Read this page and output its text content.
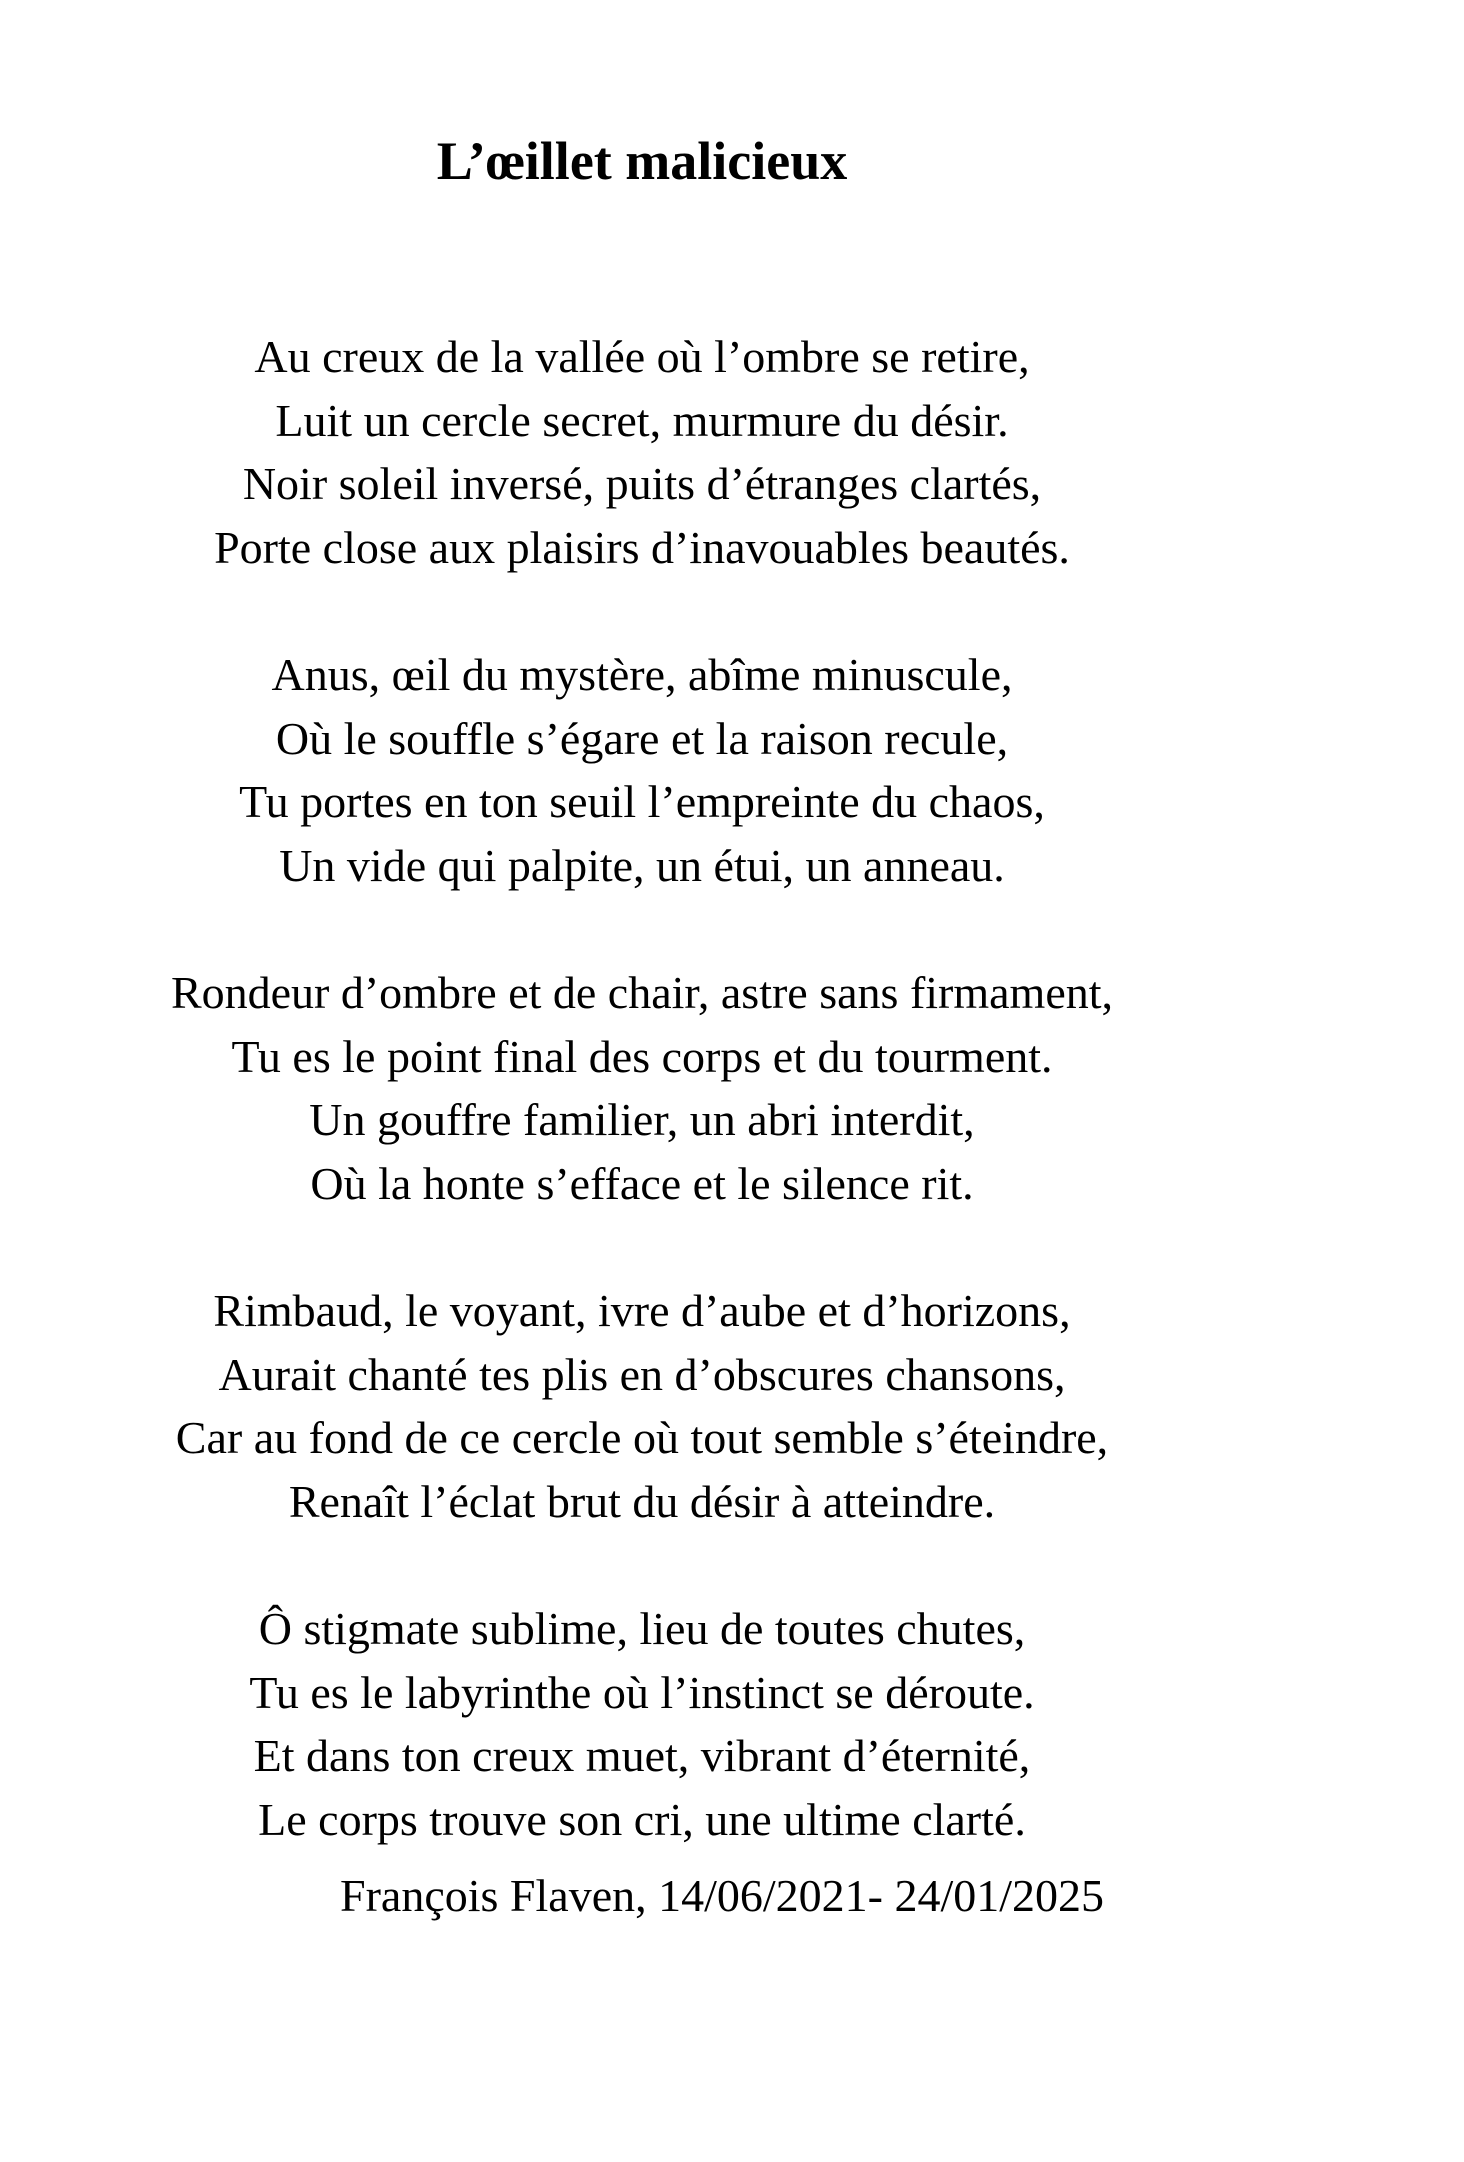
L’œillet malicieux
Au creux de la vallée où l’ombre se retire,
Luit un cercle secret, murmure du désir.
Noir soleil inversé, puits d’étranges clartés,
Porte close aux plaisirs d’inavouables beautés.
Anus, œil du mystère, abîme minuscule,
Où le souffle s’égare et la raison recule,
Tu portes en ton seuil l’empreinte du chaos,
Un vide qui palpite, un étui, un anneau.
Rondeur d’ombre et de chair, astre sans firmament,
Tu es le point final des corps et du tourment.
Un gouffre familier, un abri interdit,
Où la honte s’efface et le silence rit.
Rimbaud, le voyant, ivre d’aube et d’horizons,
Aurait chanté tes plis en d’obscures chansons,
Car au fond de ce cercle où tout semble s’éteindre,
Renaît l’éclat brut du désir à atteindre.
Ô stigmate sublime, lieu de toutes chutes,
Tu es le labyrinthe où l’instinct se déroute.
Et dans ton creux muet, vibrant d’éternité,
Le corps trouve son cri, une ultime clarté.
François Flaven, 14/06/2021- 24/01/2025
